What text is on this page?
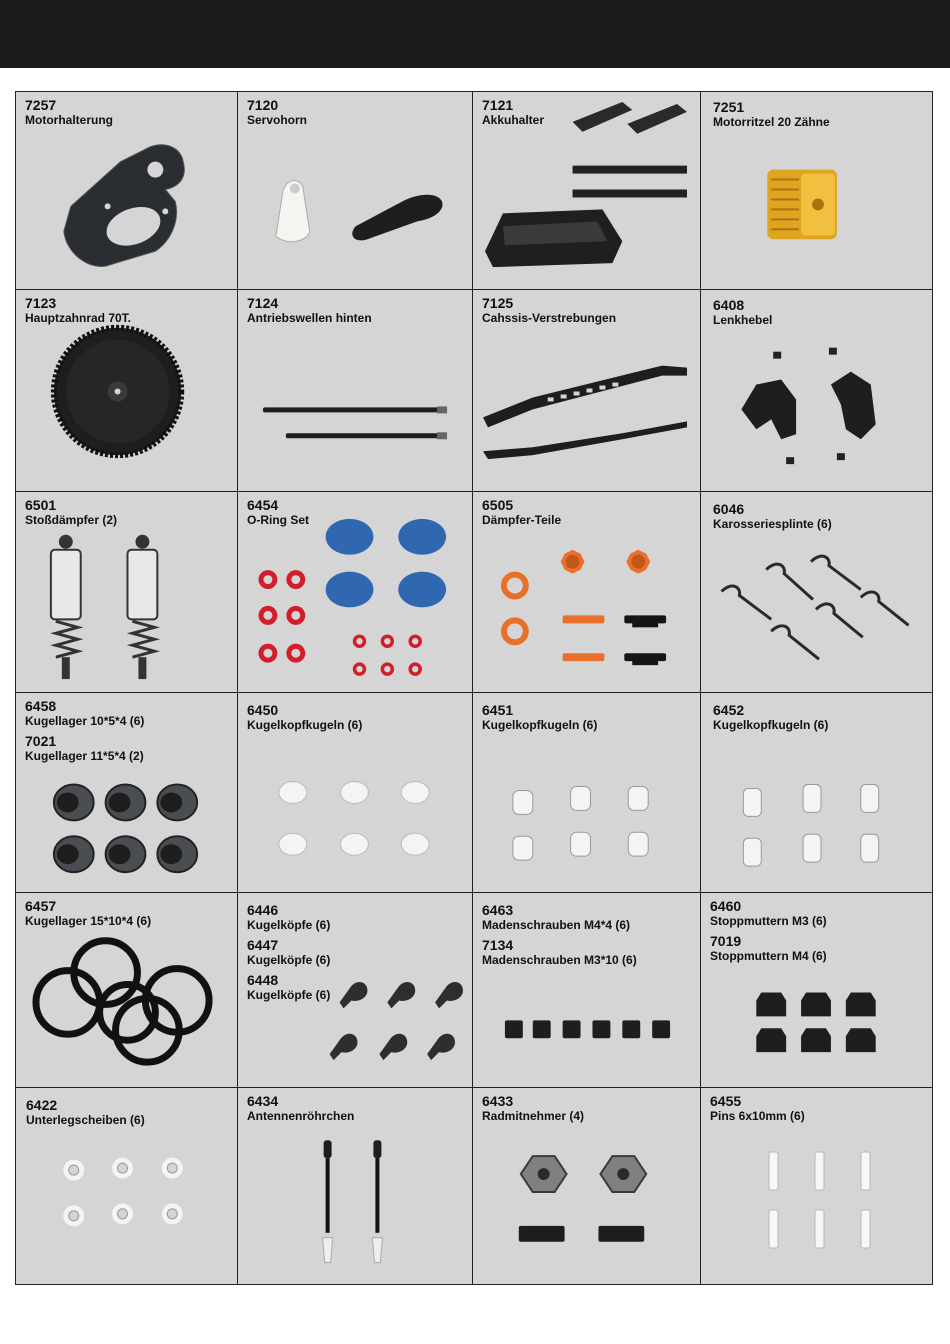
7257
Motorhalterung
7120
Servohorn
7121
Akkuhalter
7251
Motorritzel 20 Zähne
7123
Hauptzahnrad 70T.
7124
Antriebswellen hinten
7125
Cahssis-Verstrebungen
6408
Lenkhebel
6501
Stoßdämpfer (2)
6454
O-Ring Set
6505
Dämpfer-Teile
6046
Karosseriesplinte (6)
6458
Kugellager 10*5*4 (6)
7021
Kugellager 11*5*4 (2)
6450
Kugelkopfkugeln (6)
6451
Kugelkopfkugeln (6)
6452
Kugelkopfkugeln (6)
6457
Kugellager 15*10*4 (6)
6446
Kugelköpfe (6)
6447
Kugelköpfe (6)
6448
Kugelköpfe (6)
6463
Madenschrauben M4*4 (6)
7134
Madenschrauben M3*10 (6)
6460
Stoppmuttern M3 (6)
7019
Stoppmuttern M4 (6)
6422
Unterlegscheiben (6)
6434
Antennenröhrchen
6433
Radmitnehmer (4)
6455
Pins 6x10mm (6)
